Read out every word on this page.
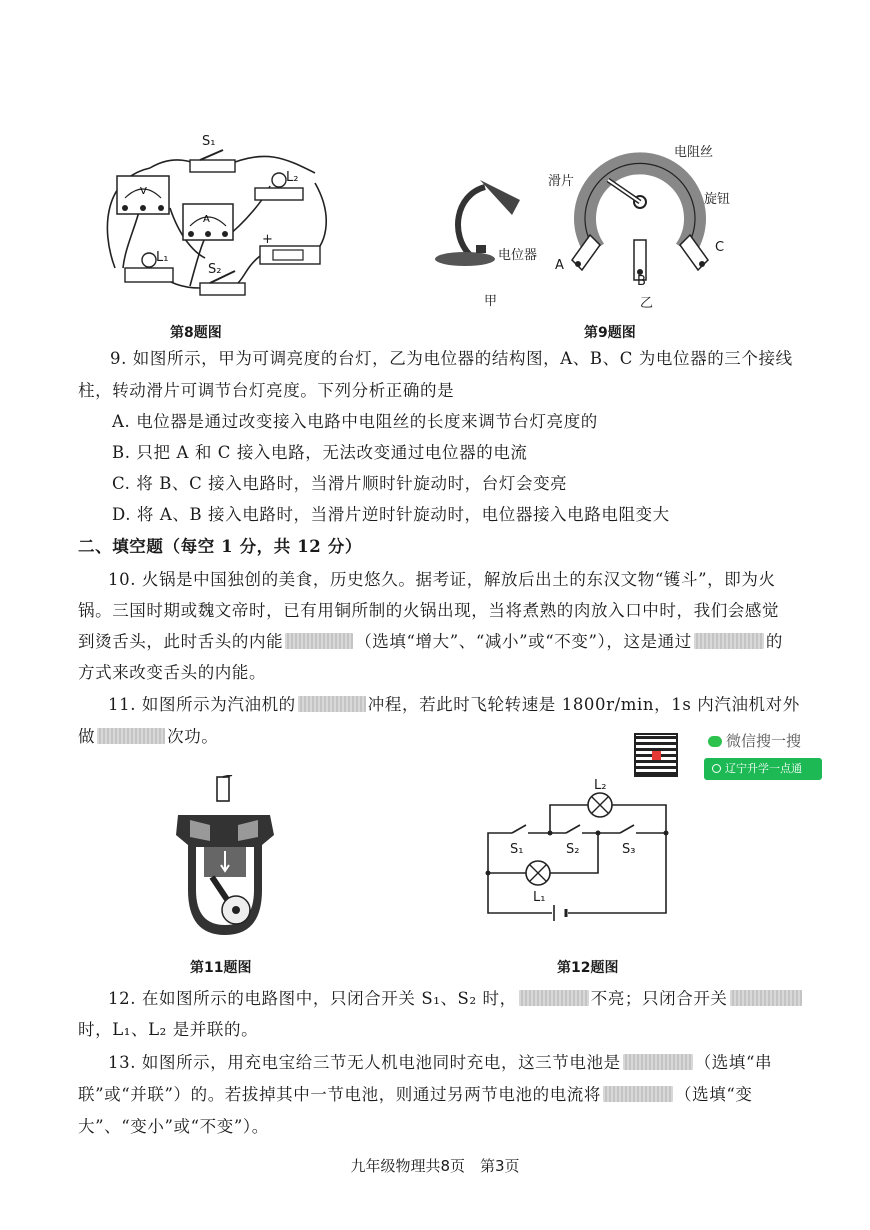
V
A
S₁
L₂
L₁
S₂
+
第8题图
电位器
甲
电阻丝
滑片
旋钮
A
B
C
乙
第9题图
9. 如图所示，甲为可调亮度的台灯，乙为电位器的结构图，A、B、C 为电位器的三个接线
柱，转动滑片可调节台灯亮度。下列分析正确的是
A. 电位器是通过改变接入电路中电阻丝的长度来调节台灯亮度的
B. 只把 A 和 C 接入电路，无法改变通过电位器的电流
C. 将 B、C 接入电路时，当滑片顺时针旋动时，台灯会变亮
D. 将 A、B 接入电路时，当滑片逆时针旋动时，电位器接入电路电阻变大
二、填空题（每空 1 分，共 12 分）
10. 火锅是中国独创的美食，历史悠久。据考证，解放后出土的东汉文物“镬斗”，即为火
锅。三国时期或魏文帝时，已有用铜所制的火锅出现，当将煮熟的肉放入口中时，我们会感觉
到烫舌头，此时舌头的内能	（选填“增大”、“减小”或“不变”），这是通过	的
方式来改变舌头的内能。
11. 如图所示为汽油机的	冲程，若此时飞轮转速是 1800r/min，1s 内汽油机对外
做	次功。	微信搜一搜
辽宁升学一点通
第11题图
L₂
S₁	S₂	S₃
L₁
第12题图
12. 在如图所示的电路图中，只闭合开关 S₁、S₂ 时，	不亮；只闭合开关
时，L₁、L₂ 是并联的。
13. 如图所示，用充电宝给三节无人机电池同时充电，这三节电池是	（选填“串
联”或“并联”）的。若拔掉其中一节电池，则通过另两节电池的电流将	（选填“变
大”、“变小”或“不变”）。
九年级物理共8页　第3页
